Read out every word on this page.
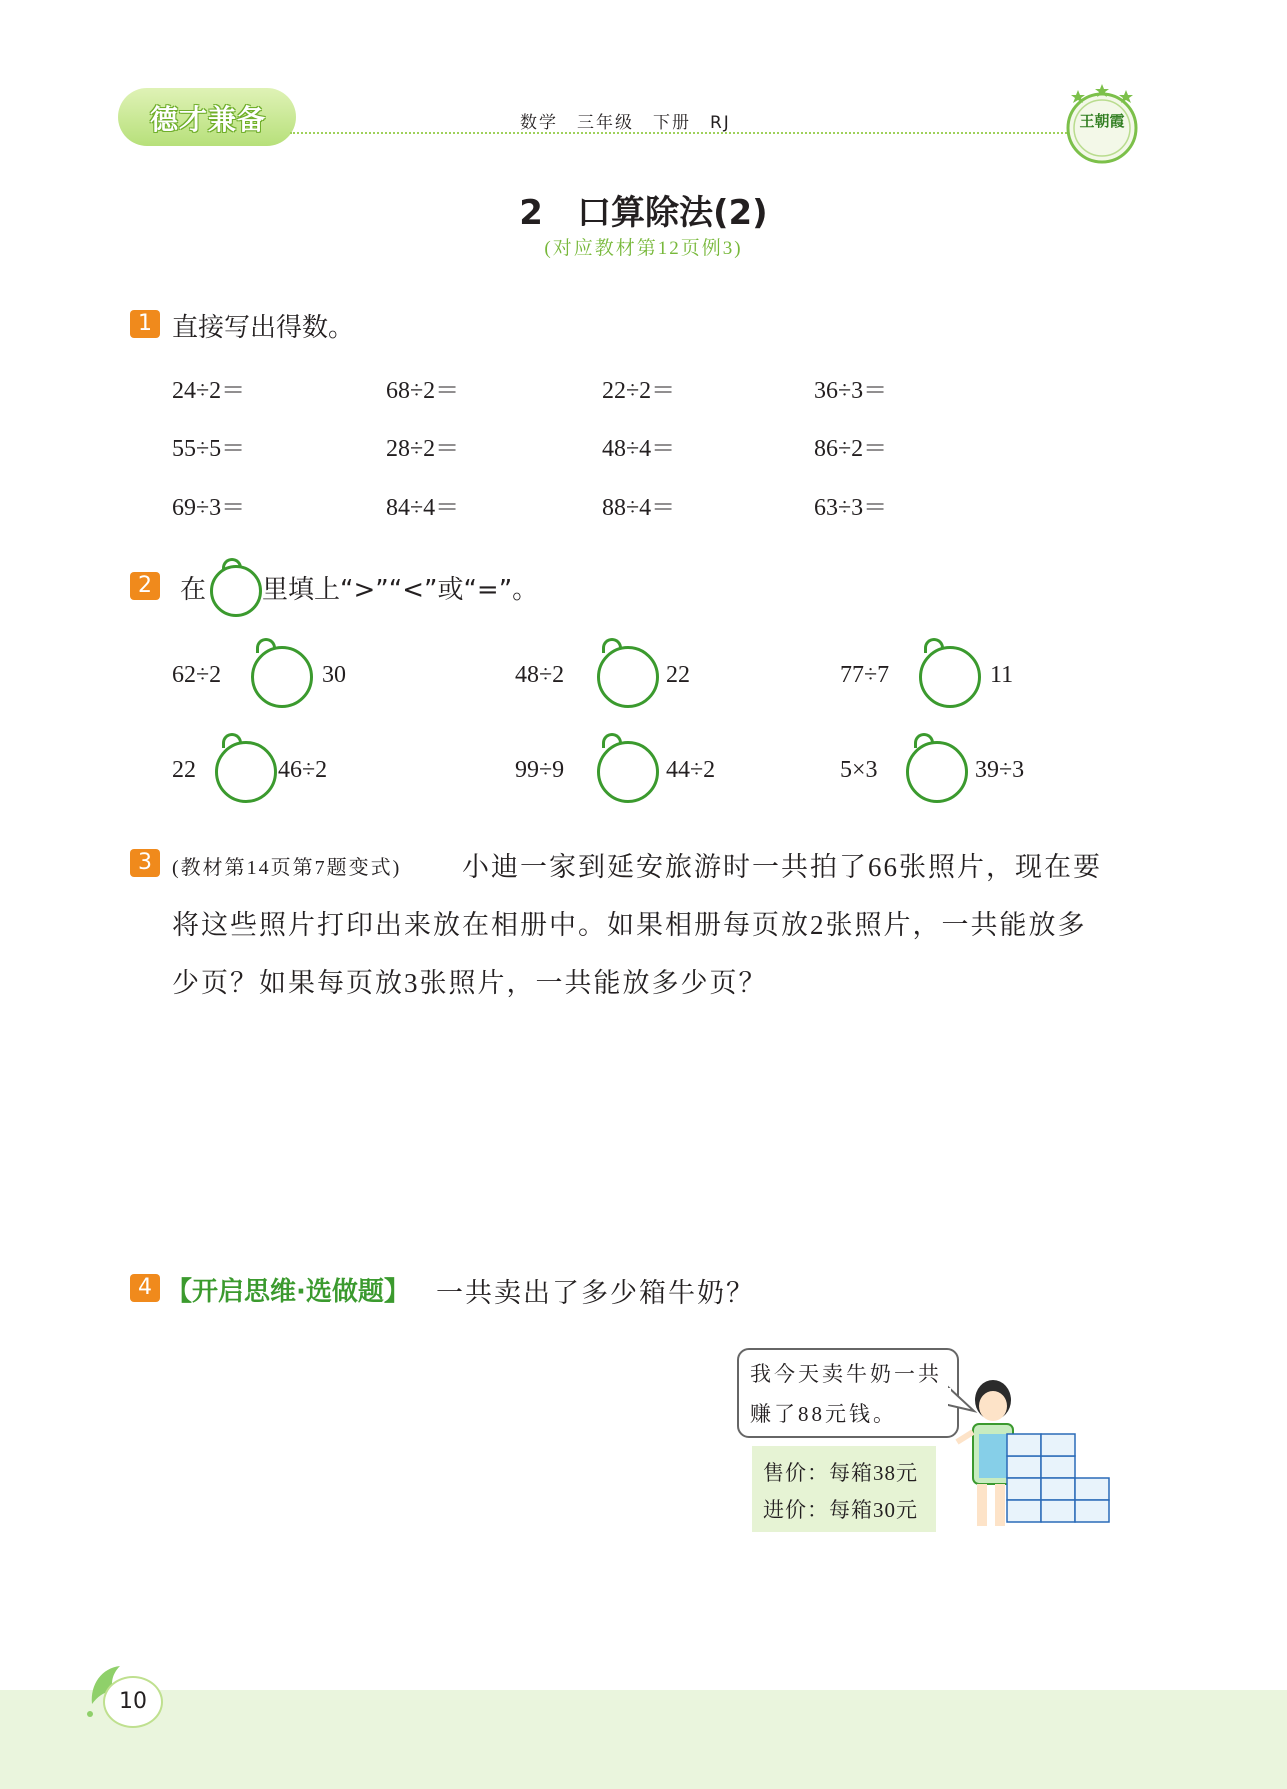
德才兼备	数学　三年级　下册　RJ	王朝霞
2　口算除法(2)
(对应教材第12页例3)
1 直接写出得数。
24÷2＝	68÷2＝	22÷2＝	36÷3＝
55÷5＝	28÷2＝	48÷4＝	86÷2＝
69÷3＝	84÷4＝	88÷4＝	63÷3＝
2	在 里填上“>”“<”或“=”。
62÷2	30	48÷2	22	77÷7	11
22	46÷2	99÷9	44÷2	5×3	39÷3
3	(教材第14页第7题变式) 小迪一家到延安旅游时一共拍了66张照片，现在要
将这些照片打印出来放在相册中。如果相册每页放2张照片，一共能放多
少页？如果每页放3张照片，一共能放多少页？
4 【开启思维·选做题】 一共卖出了多少箱牛奶？
我今天卖牛奶一共
赚了88元钱。
售价：每箱38元
进价：每箱30元
10
